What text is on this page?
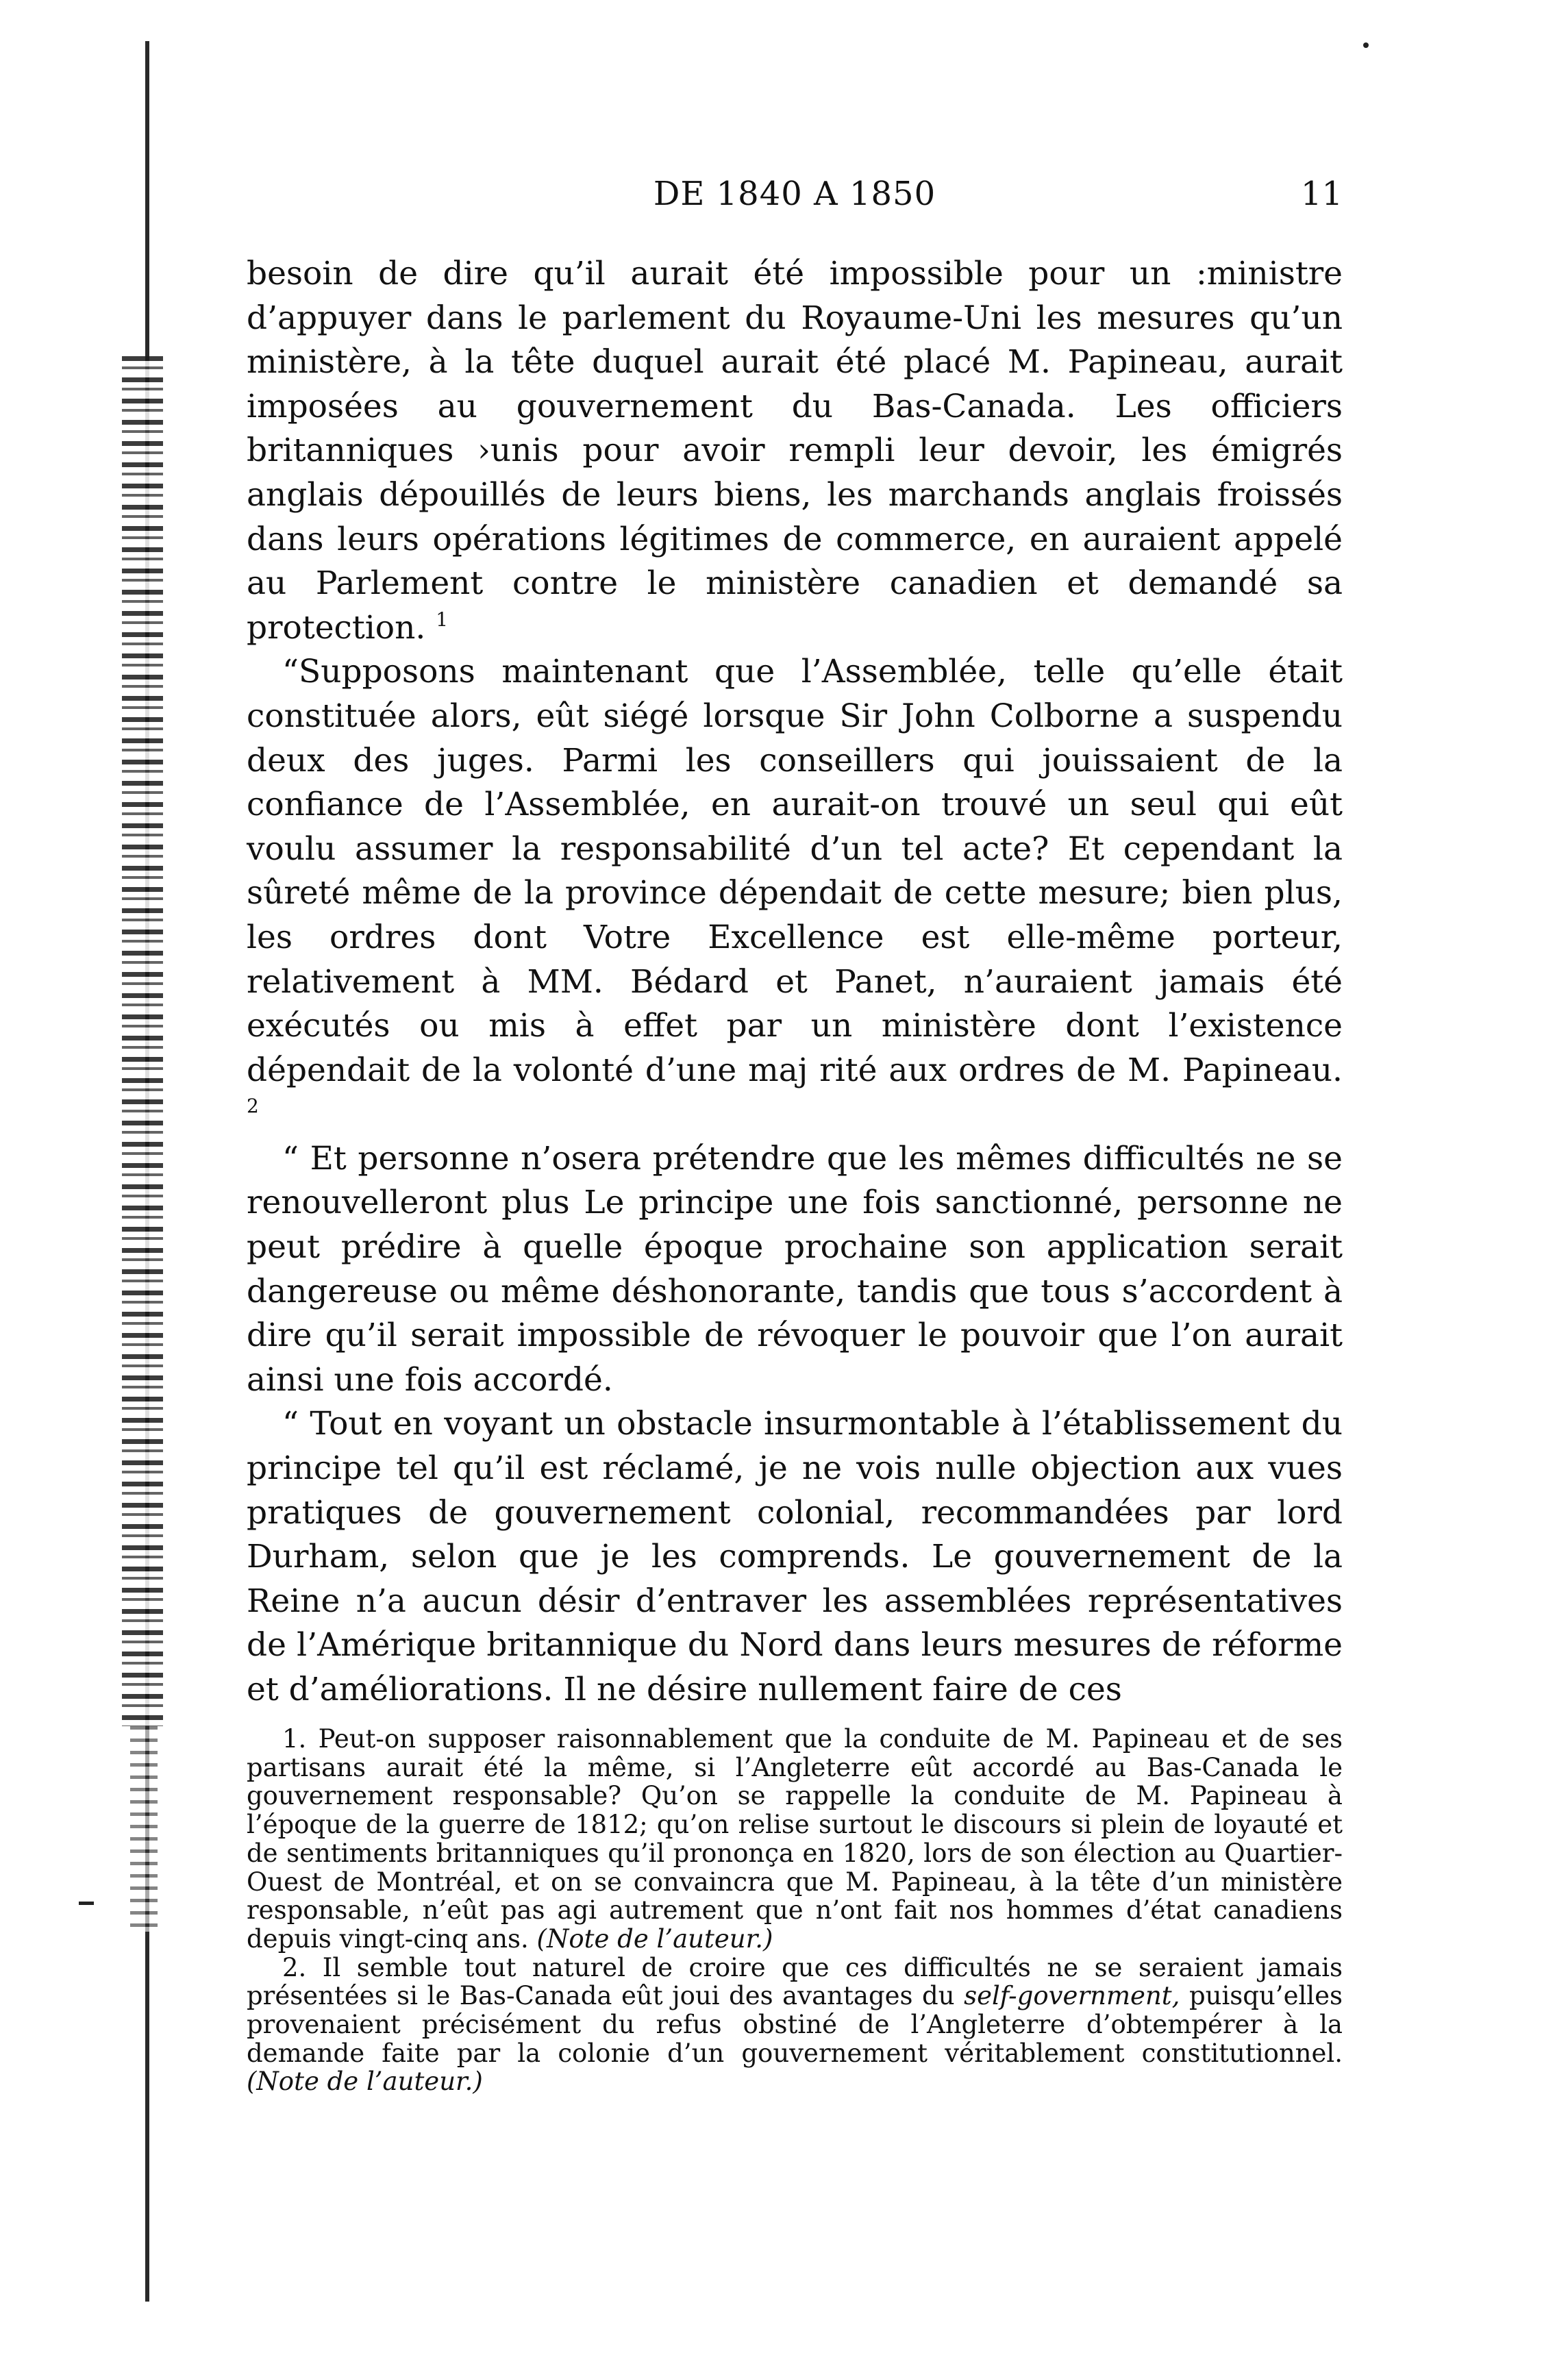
DE 1840 A 1850	11

besoin de dire qu’il aurait été impossible pour un :ministre d’appuyer dans le parlement du Royaume-Uni les mesures qu’un ministère, à la tête duquel aurait été placé M. Papineau, aurait imposées au gouvernement du Bas-Canada. Les officiers britanniques ›unis pour avoir rempli leur devoir, les émigrés anglais dépouillés de leurs biens, les marchands anglais froissés dans leurs opérations légitimes de commerce, en auraient appelé au Parlement contre le ministère canadien et demandé sa protection. $^1$

“Supposons maintenant que l’Assemblée, telle qu’elle était constituée alors, eût siégé lorsque Sir John Colborne a suspendu deux des juges. Parmi les conseillers qui jouissaient de la confiance de l’Assemblée, en aurait-on trouvé un seul qui eût voulu assumer la responsabilité d’un tel acte? Et cependant la sûreté même de la province dépendait de cette mesure; bien plus, les ordres dont Votre Excellence est elle-même porteur, relativement à MM. Bédard et Panet, n’auraient jamais été exécutés ou mis à effet par un ministère dont l’existence dépendait de la volonté d’une maj rité aux ordres de M. Papineau. $^2$

“ Et personne n’osera prétendre que les mêmes difficultés ne se renouvelleront plus Le principe une fois sanctionné, personne ne peut prédire à quelle époque prochaine son application serait dangereuse ou même déshonorante, tandis que tous s’accordent à dire qu’il serait impossible de révoquer le pouvoir que l’on aurait ainsi une fois accordé.

“ Tout en voyant un obstacle insurmontable à l’établissement du principe tel qu’il est réclamé, je ne vois nulle objection aux vues pratiques de gouvernement colonial, recommandées par lord Durham, selon que je les comprends. Le gouvernement de la Reine n’a aucun désir d’entraver les assemblées représentatives de l’Amérique britannique du Nord dans leurs mesures de réforme et d’améliorations. Il ne désire nullement faire de ces

1. Peut-on supposer raisonnablement que la conduite de M. Papineau et de ses partisans aurait été la même, si l’Angleterre eût accordé au Bas-Canada le gouvernement responsable? Qu’on se rappelle la conduite de M. Papineau à l’époque de la guerre de 1812; qu’on relise surtout le discours si plein de loyauté et de sentiments britanniques qu’il prononça en 1820, lors de son élection au Quartier-Ouest de Montréal, et on se convaincra que M. Papineau, à la tête d’un ministère responsable, n’eût pas agi autrement que n’ont fait nos hommes d’état canadiens depuis vingt-cinq ans. (Note de l’auteur.)

2. Il semble tout naturel de croire que ces difficultés ne se seraient jamais présentées si le Bas-Canada eût joui des avantages du self-government, puisqu’elles provenaient précisément du refus obstiné de l’Angleterre d’obtempérer à la demande faite par la colonie d’un gouvernement véritablement constitutionnel. (Note de l’auteur.)
